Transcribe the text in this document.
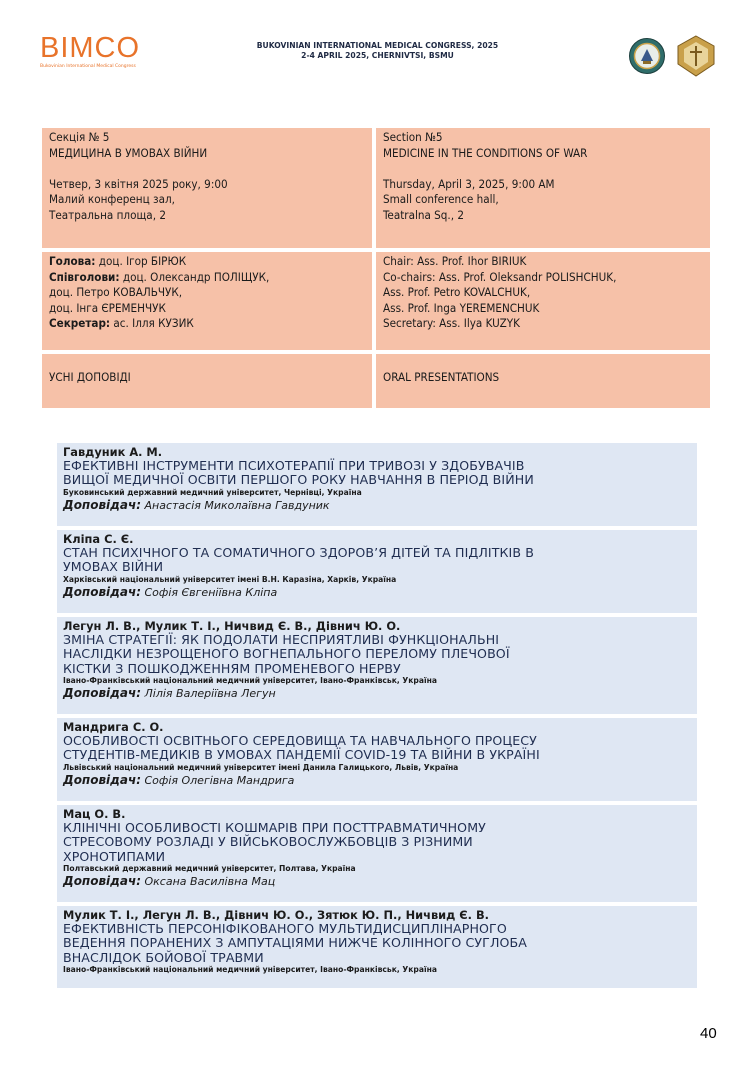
BIMCO
Bukovinian International Medical Congress
BUKOVINIAN INTERNATIONAL MEDICAL CONGRESS, 2025
2-4 APRIL 2025, CHERNIVTSI, BSMU
Секція № 5
МЕДИЦИНА В УМОВАХ ВІЙНИ
Четвер, 3 квітня 2025 року, 9:00
Малий конференц зал,
Театральна площа, 2
Section №5
MEDICINE IN THE CONDITIONS OF WAR
Thursday, April 3, 2025, 9:00 AM
Small conference hall,
Teatralna Sq., 2
Голова: доц. Ігор БІРЮК
Співголови: доц. Олександр ПОЛІЩУК,
доц. Петро КОВАЛЬЧУК,
доц. Інга ЄРЕМЕНЧУК
Секретар: ас. Ілля КУЗИК
Chair: Ass. Prof. Ihor BIRIUK
Co-chairs: Ass. Prof. Oleksandr POLISHCHUK,
Ass. Prof. Petro KOVALCHUK,
Ass. Prof. Inga YEREMENCHUK
Secretary: Ass. Ilya KUZYK
УСНІ ДОПОВІДІ	ORAL PRESENTATIONS
Гавдуник А. М.
ЕФЕКТИВНІ ІНСТРУМЕНТИ ПСИХОТЕРАПІЇ ПРИ ТРИВОЗІ У ЗДОБУВАЧІВ
ВИЩОЇ МЕДИЧНОЇ ОСВІТИ ПЕРШОГО РОКУ НАВЧАННЯ В ПЕРІОД ВІЙНИ
Буковинський державний медичний університет, Чернівці, Україна
Доповідач: Анастасія Миколаївна Гавдуник
Кліпа С. Є.
СТАН ПСИХІЧНОГО ТА СОМАТИЧНОГО ЗДОРОВ’Я ДІТЕЙ ТА ПІДЛІТКІВ В
УМОВАХ ВІЙНИ
Харківський національний університет імені В.Н. Каразіна, Харків, Україна
Доповідач: Софія Євгеніївна Кліпа
Легун Л. В., Мулик Т. І., Ничвид Є. В., Дівнич Ю. О.
ЗМІНА СТРАТЕГІЇ: ЯК ПОДОЛАТИ НЕСПРИЯТЛИВІ ФУНКЦІОНАЛЬНІ
НАСЛІДКИ НЕЗРОЩЕНОГО ВОГНЕПАЛЬНОГО ПЕРЕЛОМУ ПЛЕЧОВОЇ
КІСТКИ З ПОШКОДЖЕННЯМ ПРОМЕНЕВОГО НЕРВУ
Івано-Франківський національний медичний університет, Івано-Франківськ, Україна
Доповідач: Лілія Валеріївна Легун
Мандрига С. О.
ОСОБЛИВОСТІ ОСВІТНЬОГО СЕРЕДОВИЩА ТА НАВЧАЛЬНОГО ПРОЦЕСУ
СТУДЕНТІВ-МЕДИКІВ В УМОВАХ ПАНДЕМІЇ COVID-19 ТА ВІЙНИ В УКРАЇНІ
Львівський національний медичний університет імені Данила Галицького, Львів, Україна
Доповідач: Софія Олегівна Мандрига
Мац О. В.
КЛІНІЧНІ ОСОБЛИВОСТІ КОШМАРІВ ПРИ ПОСТТРАВМАТИЧНОМУ
СТРЕСОВОМУ РОЗЛАДІ У ВІЙСЬКОВОСЛУЖБОВЦІВ З РІЗНИМИ
ХРОНОТИПАМИ
Полтавський державний медичний університет, Полтава, Україна
Доповідач: Оксана Василівна Мац
Мулик Т. І., Легун Л. В., Дівнич Ю. О., Зятюк Ю. П., Ничвид Є. В.
ЕФЕКТИВНІСТЬ ПЕРСОНІФІКОВАНОГО МУЛЬТИДИСЦИПЛІНАРНОГО
ВЕДЕННЯ ПОРАНЕНИХ З АМПУТАЦІЯМИ НИЖЧЕ КОЛІННОГО СУГЛОБА
ВНАСЛІДОК БОЙОВОЇ ТРАВМИ
Івано-Франківський національний медичний університет, Івано-Франківськ, Україна
40
